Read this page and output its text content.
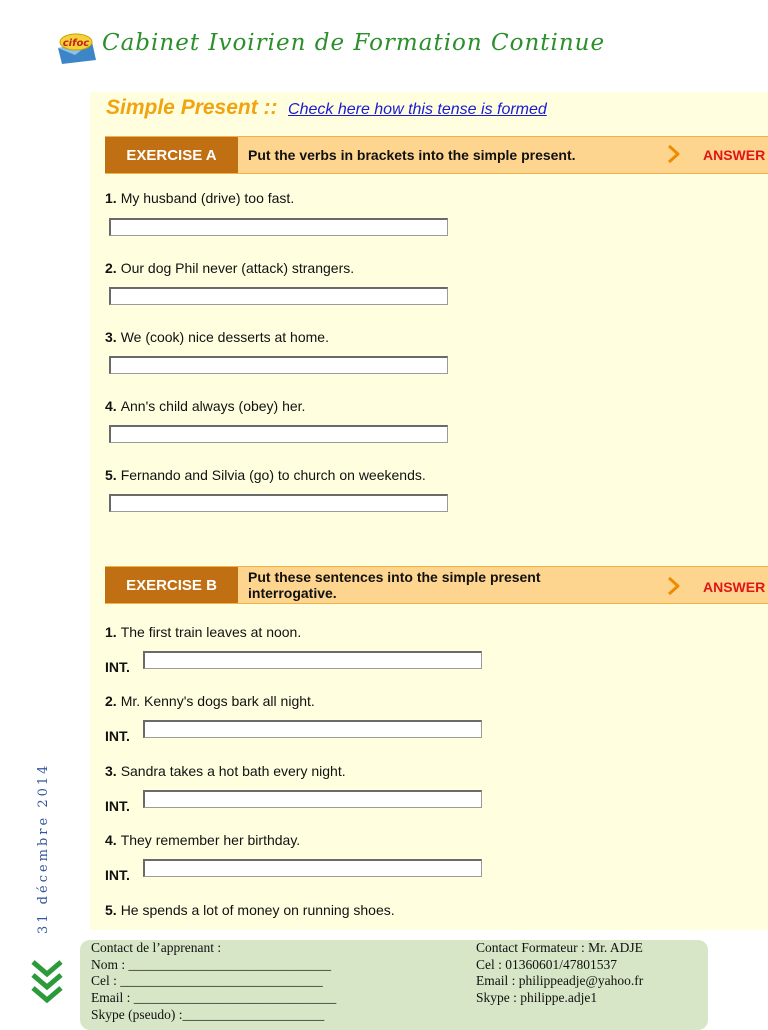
cifoc Cabinet Ivoirien de Formation Continue
Simple Present :: Check here how this tense is formed
EXERCISE A	Put the verbs in brackets into the simple present.	ANSWER
1. My husband (drive) too fast.
2. Our dog Phil never (attack) strangers.
3. We (cook) nice desserts at home.
4. Ann's child always (obey) her.
5. Fernando and Silvia (go) to church on weekends.
EXERCISE B	Put these sentences into the simple present
interrogative.	ANSWER
1. The first train leaves at noon.
INT.
2. Mr. Kenny's dogs bark all night.
INT.
3. Sandra takes a hot bath every night.
INT.
4. They remember her birthday.
INT.
5. He spends a lot of money on running shoes.
31 décembre 2014
Contact de l’apprenant :
Nom : ______________________________
Cel : ______________________________
Email : ______________________________
Skype (pseudo) :_____________________
Contact Formateur : Mr. ADJE
Cel : 01360601/47801537
Email : philippeadje@yahoo.fr
Skype : philippe.adje1
